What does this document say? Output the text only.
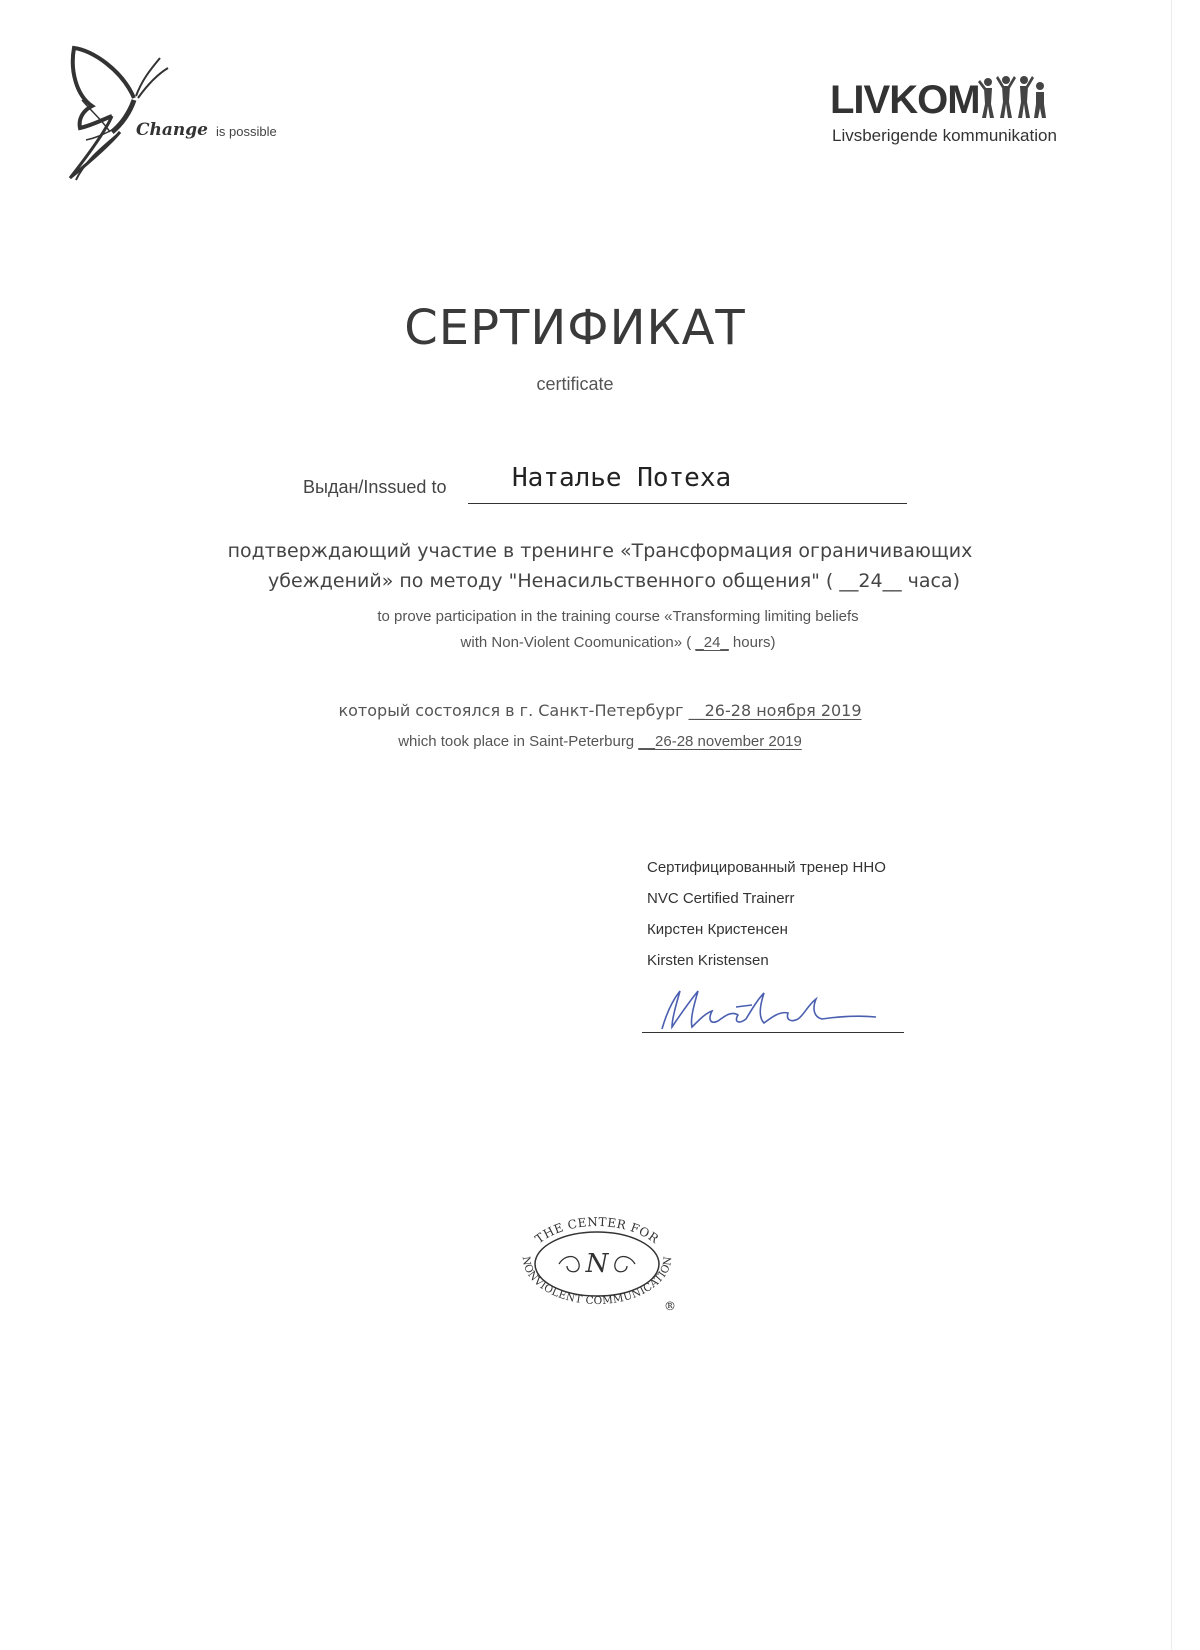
Change is possible
LIVKOM
Livsberigende kommunikation
СЕРТИФИКАТ
certificate
Выдан/Inssued to	Наталье Потеха
подтверждающий участие в тренинге «Трансформация ограничивающих
убеждений» по методу "Ненасильственного общения" ( __24__ часа)
to prove participation in the training course «Transforming limiting beliefs
with Non-Violent Coomunication» ( _24_ hours)
который состоялся в г. Санкт-Петербург __26-28 ноября 2019
which took place in Saint-Peterburg __26-28 november 2019
Сертифицированный тренер ННО
NVC Certified Trainerr
Кирстен Кристенсен
Kirsten Kristensen
THE CENTER FOR
NONVIOLENT COMMUNICATION
N
®
